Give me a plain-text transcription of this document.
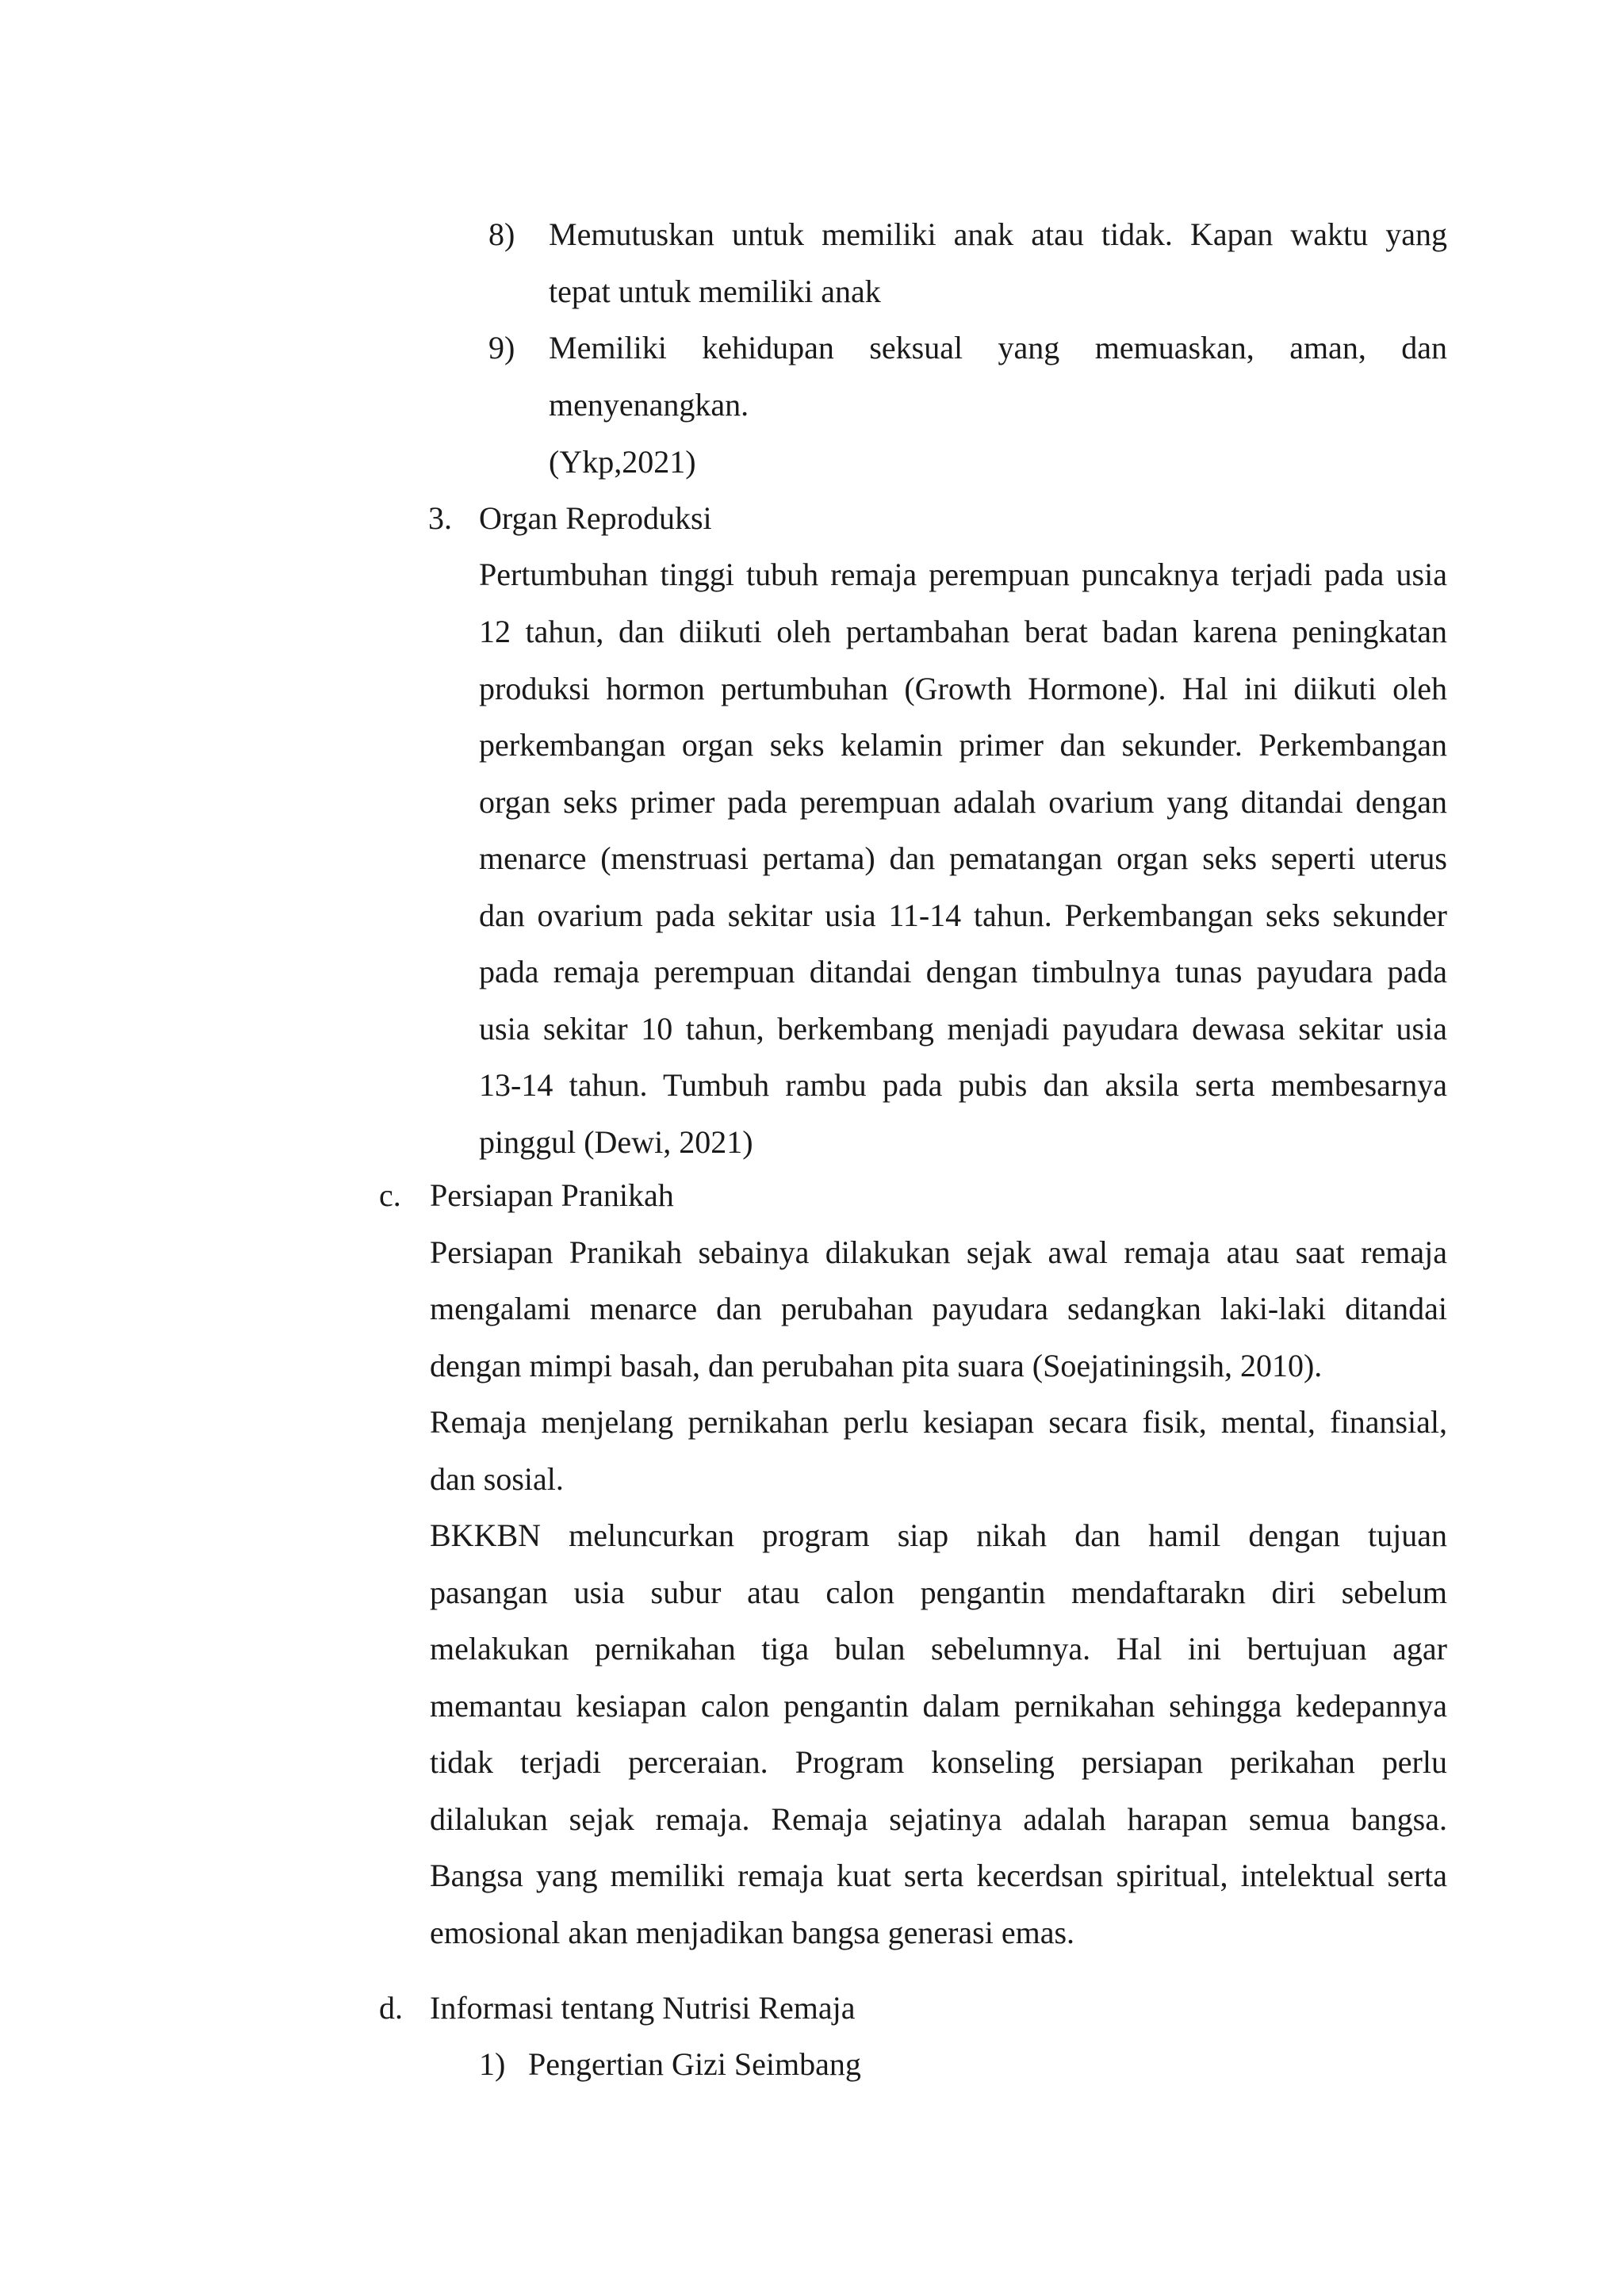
8) Memutuskan untuk memiliki anak atau tidak. Kapan waktu yang
tepat untuk memiliki anak
9) Memiliki kehidupan seksual yang memuaskan, aman, dan
menyenangkan.
(Ykp,2021)
3. Organ Reproduksi
Pertumbuhan tinggi tubuh remaja perempuan puncaknya terjadi pada usia
12 tahun, dan diikuti oleh pertambahan berat badan karena peningkatan
produksi hormon pertumbuhan (Growth Hormone). Hal ini diikuti oleh
perkembangan organ seks kelamin primer dan sekunder. Perkembangan
organ seks primer pada perempuan adalah ovarium yang ditandai dengan
menarce (menstruasi pertama) dan pematangan organ seks seperti uterus
dan ovarium pada sekitar usia 11-14 tahun. Perkembangan seks sekunder
pada remaja perempuan ditandai dengan timbulnya tunas payudara pada
usia sekitar 10 tahun, berkembang menjadi payudara dewasa sekitar usia
13-14 tahun. Tumbuh rambu pada pubis dan aksila serta membesarnya
pinggul (Dewi, 2021)
c. Persiapan Pranikah
Persiapan Pranikah sebainya dilakukan sejak awal remaja atau saat remaja
mengalami menarce dan perubahan payudara sedangkan laki-laki ditandai
dengan mimpi basah, dan perubahan pita suara (Soejatiningsih, 2010).
Remaja menjelang pernikahan perlu kesiapan secara fisik, mental, finansial,
dan sosial.
BKKBN meluncurkan program siap nikah dan hamil dengan tujuan
pasangan usia subur atau calon pengantin mendaftarakn diri sebelum
melakukan pernikahan tiga bulan sebelumnya. Hal ini bertujuan agar
memantau kesiapan calon pengantin dalam pernikahan sehingga kedepannya
tidak terjadi perceraian. Program konseling persiapan perikahan perlu
dilalukan sejak remaja. Remaja sejatinya adalah harapan semua bangsa.
Bangsa yang memiliki remaja kuat serta kecerdsan spiritual, intelektual serta
emosional akan menjadikan bangsa generasi emas.
d. Informasi tentang Nutrisi Remaja
1) Pengertian Gizi Seimbang
